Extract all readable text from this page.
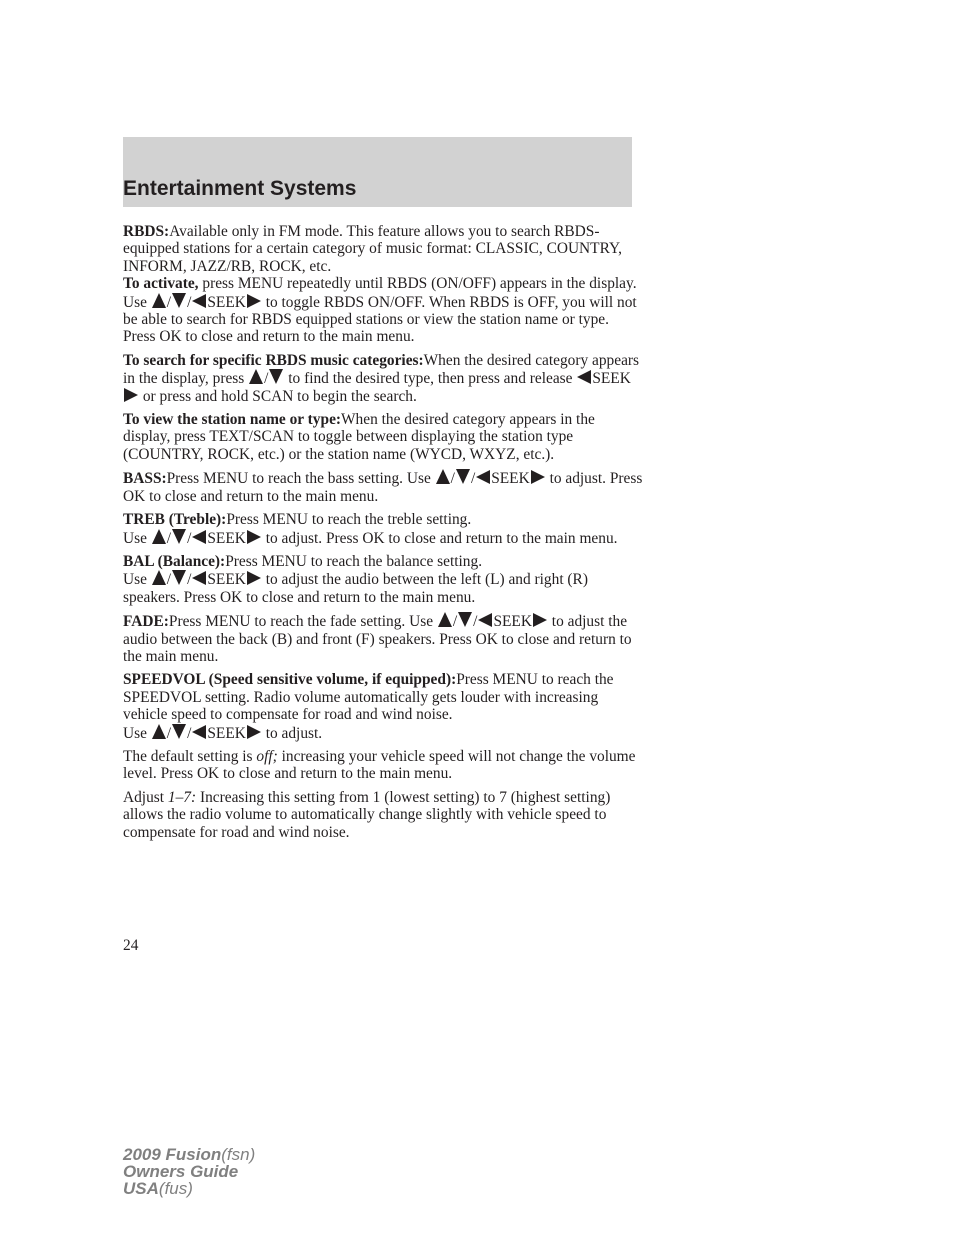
Entertainment Systems

RBDS:Available only in FM mode. This feature allows you to search RBDS-equipped stations for a certain category of music format: CLASSIC, COUNTRY, INFORM, JAZZ/RB, ROCK, etc.
To activate, press MENU repeatedly until RBDS (ON/OFF) appears in the display. Use / / SEEK to toggle RBDS ON/OFF. When RBDS is OFF, you will not be able to search for RBDS equipped stations or view the station name or type. Press OK to close and return to the main menu.

To search for specific RBDS music categories:When the desired category appears in the display, press / to find the desired type, then press and release SEEK or press and hold SCAN to begin the search.

To view the station name or type:When the desired category appears in the display, press TEXT/SCAN to toggle between displaying the station type (COUNTRY, ROCK, etc.) or the station name (WYCD, WXYZ, etc.).

BASS:Press MENU to reach the bass setting. Use / / SEEK to adjust. Press OK to close and return to the main menu.

TREB (Treble):Press MENU to reach the treble setting.
Use / / SEEK to adjust. Press OK to close and return to the main menu.

BAL (Balance):Press MENU to reach the balance setting.
Use / / SEEK to adjust the audio between the left (L) and right (R) speakers. Press OK to close and return to the main menu.

FADE:Press MENU to reach the fade setting. Use / / SEEK to adjust the audio between the back (B) and front (F) speakers. Press OK to close and return to the main menu.

SPEEDVOL (Speed sensitive volume, if equipped):Press MENU to reach the SPEEDVOL setting. Radio volume automatically gets louder with increasing vehicle speed to compensate for road and wind noise.
Use / / SEEK to adjust.

The default setting is off; increasing your vehicle speed will not change the volume level. Press OK to close and return to the main menu.

Adjust 1–7: Increasing this setting from 1 (lowest setting) to 7 (highest setting) allows the radio volume to automatically change slightly with vehicle speed to compensate for road and wind noise.

24
2009 Fusion(fsn)
Owners Guide
USA(fus)
